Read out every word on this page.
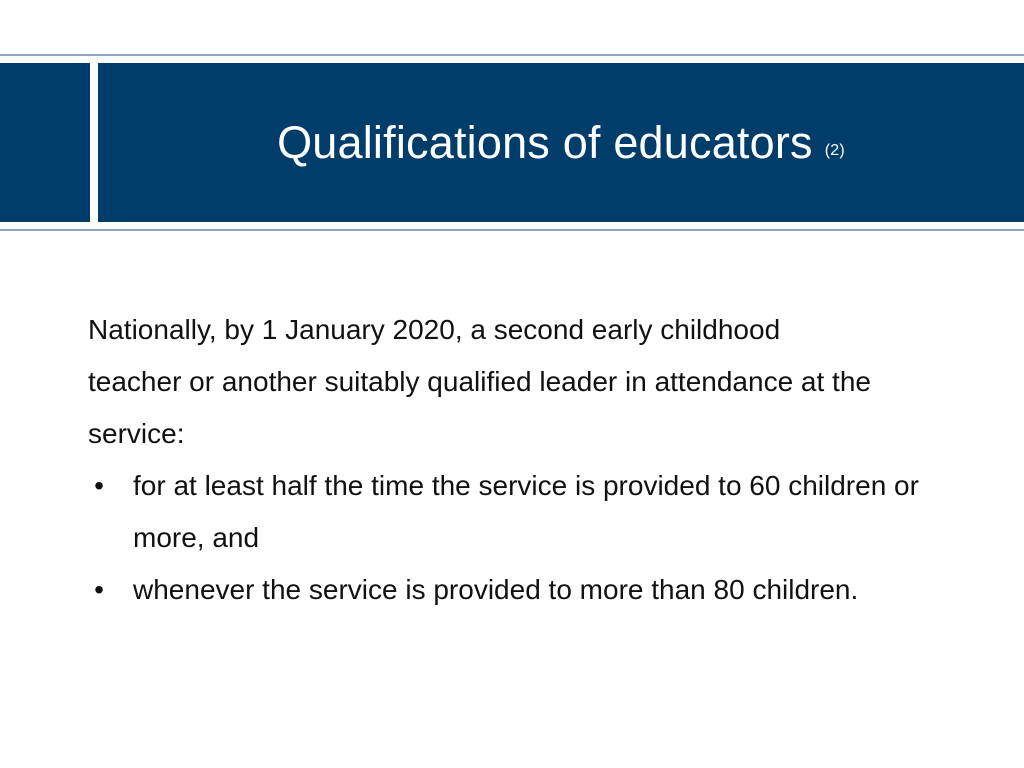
Qualifications of educators (2)

Nationally, by 1 January 2020, a second early childhood teacher or another suitably qualified leader in attendance at the service:

• for at least half the time the service is provided to 60 children or more, and
• whenever the service is provided to more than 80 children.
